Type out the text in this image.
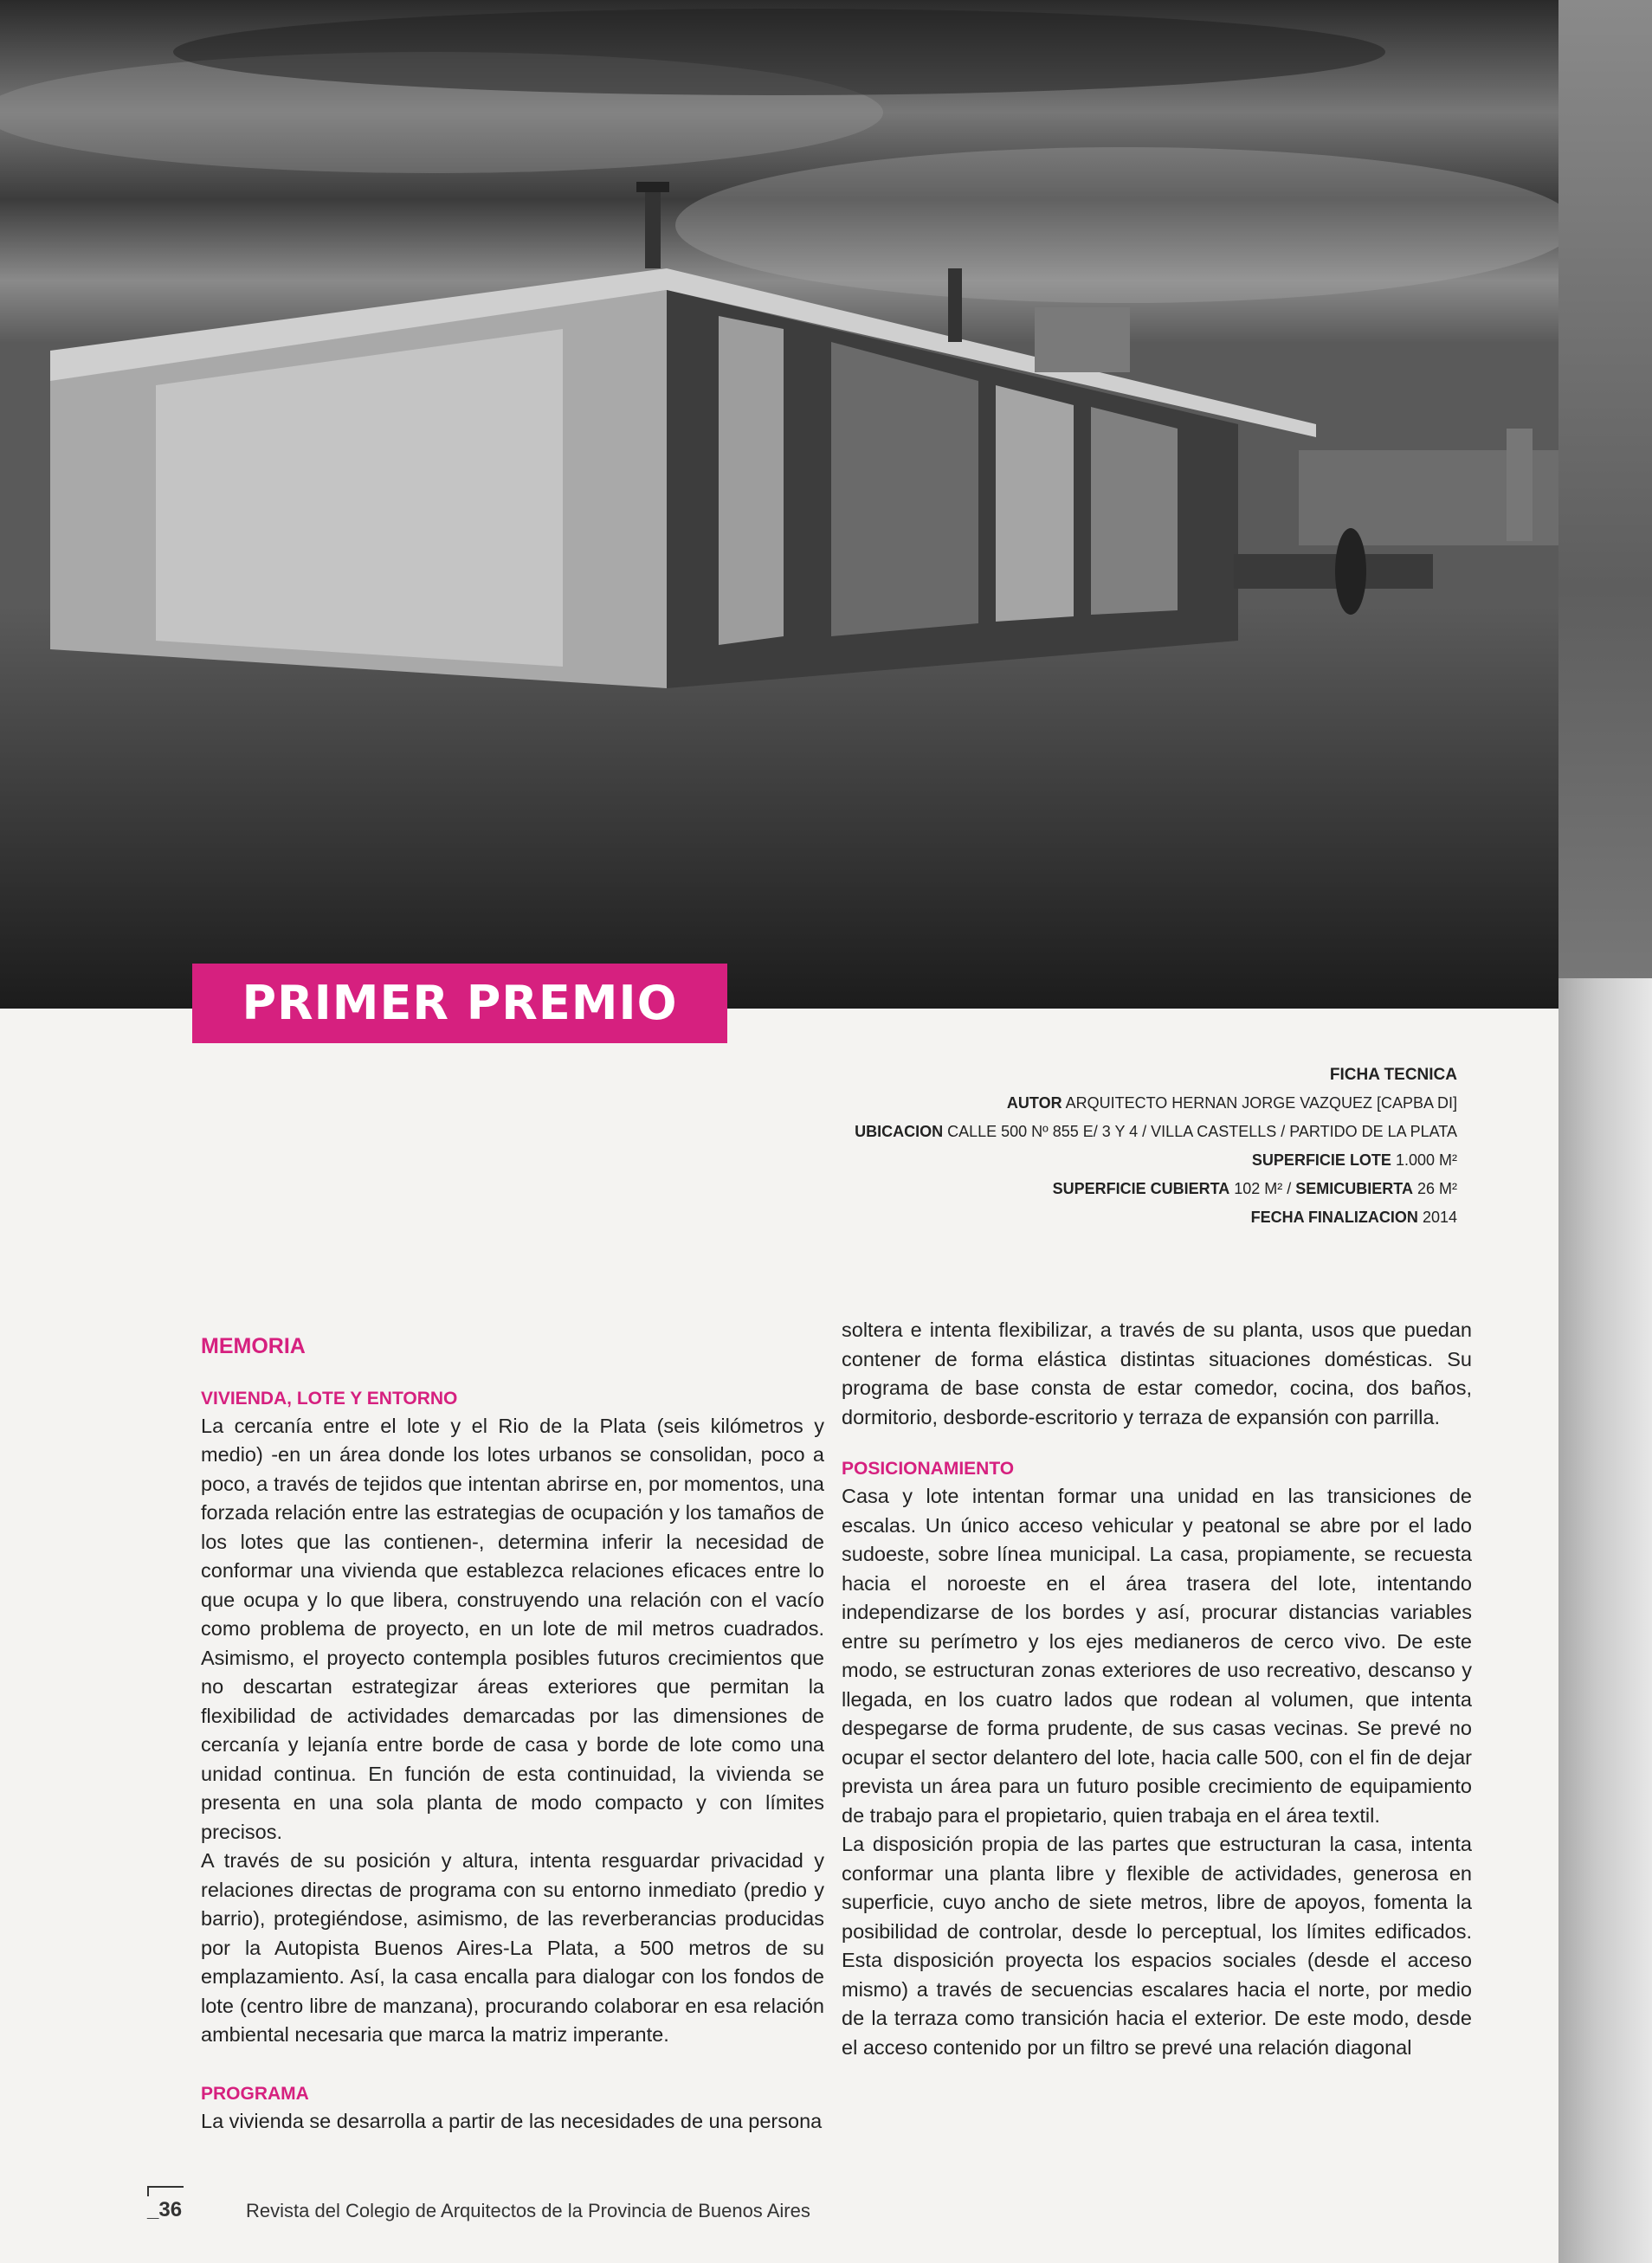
PRIMER PREMIO
FICHA TECNICA
AUTOR ARQUITECTO HERNAN JORGE VAZQUEZ [CAPBA DI]
UBICACION CALLE 500 Nº 855 E/ 3 Y 4 / VILLA CASTELLS / PARTIDO DE LA PLATA
SUPERFICIE LOTE 1.000 M²
SUPERFICIE CUBIERTA 102 M² / SEMICUBIERTA 26 M²
FECHA FINALIZACION 2014
MEMORIA
VIVIENDA, LOTE Y ENTORNO

La cercanía entre el lote y el Rio de la Plata (seis kilómetros y medio) -en un área donde los lotes urbanos se consolidan, poco a poco, a través de tejidos que intentan abrirse en, por momentos, una forzada relación entre las estrategias de ocupación y los tamaños de los lotes que las contienen-, determina inferir la necesidad de conformar una vivienda que establezca relaciones eficaces entre lo que ocupa y lo que libera, construyendo una relación con el vacío como problema de proyecto, en un lote de mil metros cuadrados. Asimismo, el proyecto contempla posibles futuros crecimientos que no descartan estrategizar áreas exteriores que permitan la flexibilidad de actividades demarcadas por las dimensiones de cercanía y lejanía entre borde de casa y borde de lote como una unidad continua. En función de esta continuidad, la vivienda se presenta en una sola planta de modo compacto y con límites precisos.

A través de su posición y altura, intenta resguardar privacidad y relaciones directas de programa con su entorno inmediato (predio y barrio), protegiéndose, asimismo, de las reverberancias producidas por la Autopista Buenos Aires-La Plata, a 500 metros de su emplazamiento. Así, la casa encalla para dialogar con los fondos de lote (centro libre de manzana), procurando colaborar en esa relación ambiental necesaria que marca la matriz imperante.

PROGRAMA

La vivienda se desarrolla a partir de las necesidades de una persona

soltera e intenta flexibilizar, a través de su planta, usos que puedan contener de forma elástica distintas situaciones domésticas. Su programa de base consta de estar comedor, cocina, dos baños, dormitorio, desborde-escritorio y terraza de expansión con parrilla.

POSICIONAMIENTO

Casa y lote intentan formar una unidad en las transiciones de escalas. Un único acceso vehicular y peatonal se abre por el lado sudoeste, sobre línea municipal. La casa, propiamente, se recuesta hacia el noroeste en el área trasera del lote, intentando independizarse de los bordes y así, procurar distancias variables entre su perímetro y los ejes medianeros de cerco vivo. De este modo, se estructuran zonas exteriores de uso recreativo, descanso y llegada, en los cuatro lados que rodean al volumen, que intenta despegarse de forma prudente, de sus casas vecinas. Se prevé no ocupar el sector delantero del lote, hacia calle 500, con el fin de dejar prevista un área para un futuro posible crecimiento de equipamiento de trabajo para el propietario, quien trabaja en el área textil.

La disposición propia de las partes que estructuran la casa, intenta conformar una planta libre y flexible de actividades, generosa en superficie, cuyo ancho de siete metros, libre de apoyos, fomenta la posibilidad de controlar, desde lo perceptual, los límites edificados. Esta disposición proyecta los espacios sociales (desde el acceso mismo) a través de secuencias escalares hacia el norte, por medio de la terraza como transición hacia el exterior. De este modo, desde el acceso contenido por un filtro se prevé una relación diagonal

_36	Revista del Colegio de Arquitectos de la Provincia de Buenos Aires
